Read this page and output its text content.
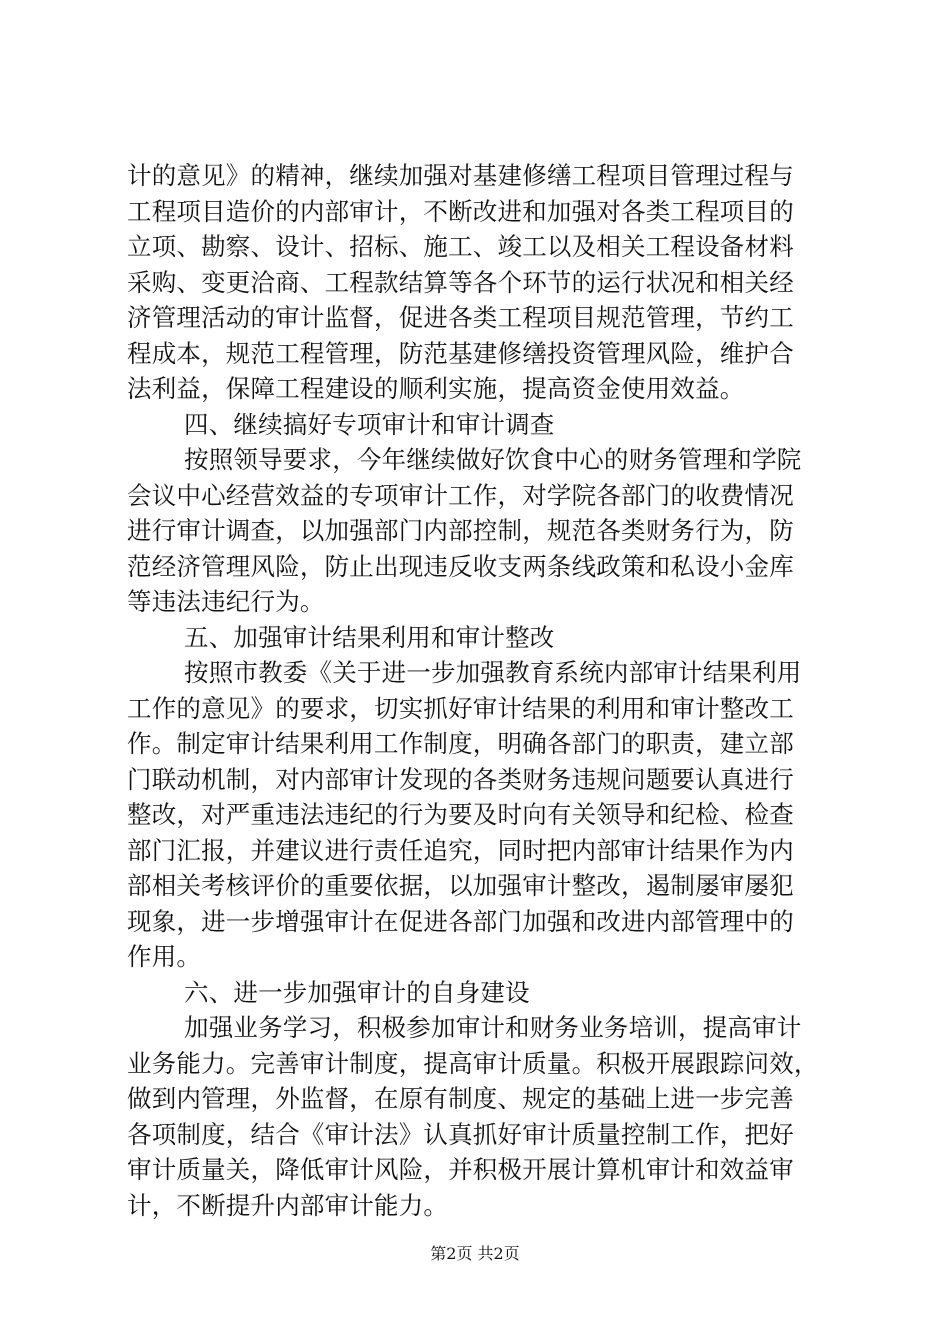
计的意见》的精神，继续加强对基建修缮工程项目管理过程与
工程项目造价的内部审计，不断改进和加强对各类工程项目的
立项、勘察、设计、招标、施工、竣工以及相关工程设备材料
采购、变更洽商、工程款结算等各个环节的运行状况和相关经
济管理活动的审计监督，促进各类工程项目规范管理，节约工
程成本，规范工程管理，防范基建修缮投资管理风险，维护合
法利益，保障工程建设的顺利实施，提高资金使用效益。
四、继续搞好专项审计和审计调查
按照领导要求，今年继续做好饮食中心的财务管理和学院
会议中心经营效益的专项审计工作，对学院各部门的收费情况
进行审计调查，以加强部门内部控制，规范各类财务行为，防
范经济管理风险，防止出现违反收支两条线政策和私设小金库
等违法违纪行为。
五、加强审计结果利用和审计整改
按照市教委《关于进一步加强教育系统内部审计结果利用
工作的意见》的要求，切实抓好审计结果的利用和审计整改工
作。制定审计结果利用工作制度，明确各部门的职责，建立部
门联动机制，对内部审计发现的各类财务违规问题要认真进行
整改，对严重违法违纪的行为要及时向有关领导和纪检、检查
部门汇报，并建议进行责任追究，同时把内部审计结果作为内
部相关考核评价的重要依据，以加强审计整改，遏制屡审屡犯
现象，进一步增强审计在促进各部门加强和改进内部管理中的
作用。
六、进一步加强审计的自身建设
加强业务学习，积极参加审计和财务业务培训，提高审计
业务能力。完善审计制度，提高审计质量。积极开展跟踪问效，
做到内管理，外监督，在原有制度、规定的基础上进一步完善
各项制度，结合《审计法》认真抓好审计质量控制工作，把好
审计质量关，降低审计风险，并积极开展计算机审计和效益审
计，不断提升内部审计能力。
第2页 共2页
